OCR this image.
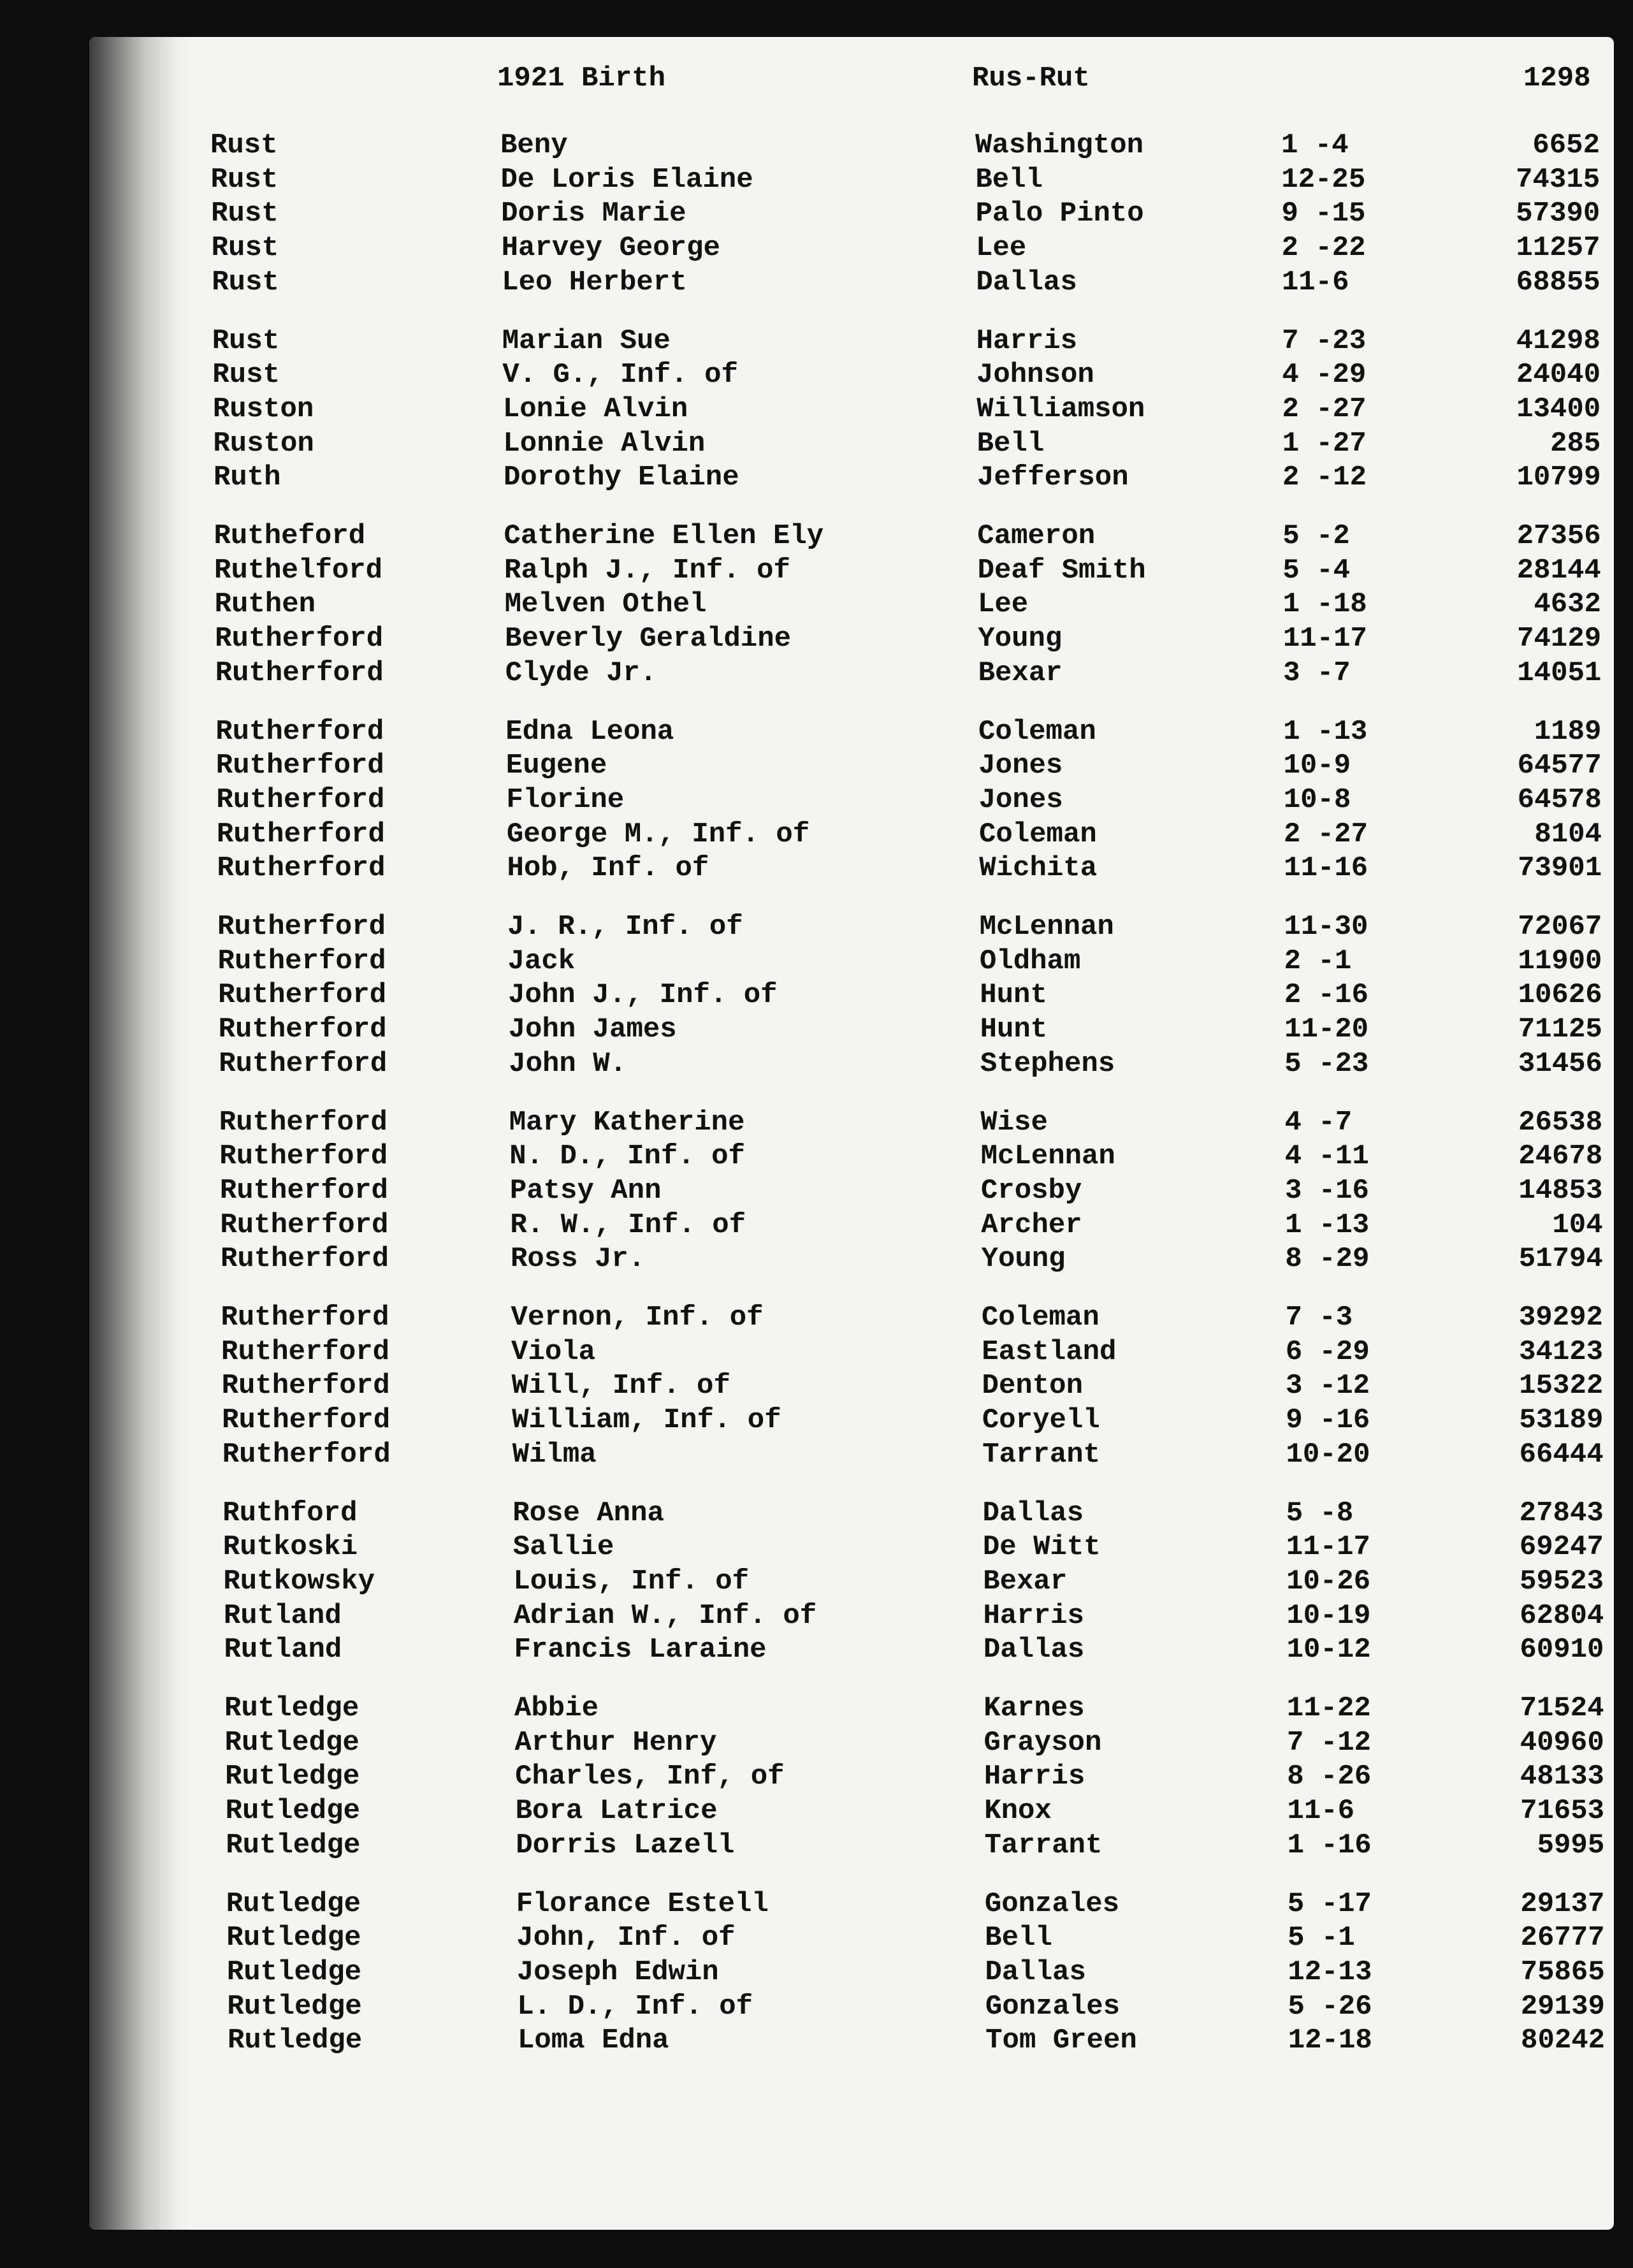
1921 Birth	Rus-Rut	1298
Rust	Beny	Washington	1 -4	6652
Rust	De Loris Elaine	Bell	12-25	74315
Rust	Doris Marie	Palo Pinto	9 -15	57390
Rust	Harvey George	Lee	2 -22	11257
Rust	Leo Herbert	Dallas	11-6	68855
Rust	Marian Sue	Harris	7 -23	41298
Rust	V. G., Inf. of	Johnson	4 -29	24040
Ruston	Lonie Alvin	Williamson	2 -27	13400
Ruston	Lonnie Alvin	Bell	1 -27	285
Ruth	Dorothy Elaine	Jefferson	2 -12	10799
Rutheford	Catherine Ellen Ely	Cameron	5 -2	27356
Ruthelford	Ralph J., Inf. of	Deaf Smith	5 -4	28144
Ruthen	Melven Othel	Lee	1 -18	4632
Rutherford	Beverly Geraldine	Young	11-17	74129
Rutherford	Clyde Jr.	Bexar	3 -7	14051
Rutherford	Edna Leona	Coleman	1 -13	1189
Rutherford	Eugene	Jones	10-9	64577
Rutherford	Florine	Jones	10-8	64578
Rutherford	George M., Inf. of	Coleman	2 -27	8104
Rutherford	Hob, Inf. of	Wichita	11-16	73901
Rutherford	J. R., Inf. of	McLennan	11-30	72067
Rutherford	Jack	Oldham	2 -1	11900
Rutherford	John J., Inf. of	Hunt	2 -16	10626
Rutherford	John James	Hunt	11-20	71125
Rutherford	John W.	Stephens	5 -23	31456
Rutherford	Mary Katherine	Wise	4 -7	26538
Rutherford	N. D., Inf. of	McLennan	4 -11	24678
Rutherford	Patsy Ann	Crosby	3 -16	14853
Rutherford	R. W., Inf. of	Archer	1 -13	104
Rutherford	Ross Jr.	Young	8 -29	51794
Rutherford	Vernon, Inf. of	Coleman	7 -3	39292
Rutherford	Viola	Eastland	6 -29	34123
Rutherford	Will, Inf. of	Denton	3 -12	15322
Rutherford	William, Inf. of	Coryell	9 -16	53189
Rutherford	Wilma	Tarrant	10-20	66444
Ruthford	Rose Anna	Dallas	5 -8	27843
Rutkoski	Sallie	De Witt	11-17	69247
Rutkowsky	Louis, Inf. of	Bexar	10-26	59523
Rutland	Adrian W., Inf. of	Harris	10-19	62804
Rutland	Francis Laraine	Dallas	10-12	60910
Rutledge	Abbie	Karnes	11-22	71524
Rutledge	Arthur Henry	Grayson	7 -12	40960
Rutledge	Charles, Inf, of	Harris	8 -26	48133
Rutledge	Bora Latrice	Knox	11-6	71653
Rutledge	Dorris Lazell	Tarrant	1 -16	5995
Rutledge	Florance Estell	Gonzales	5 -17	29137
Rutledge	John, Inf. of	Bell	5 -1	26777
Rutledge	Joseph Edwin	Dallas	12-13	75865
Rutledge	L. D., Inf. of	Gonzales	5 -26	29139
Rutledge	Loma Edna	Tom Green	12-18	80242
